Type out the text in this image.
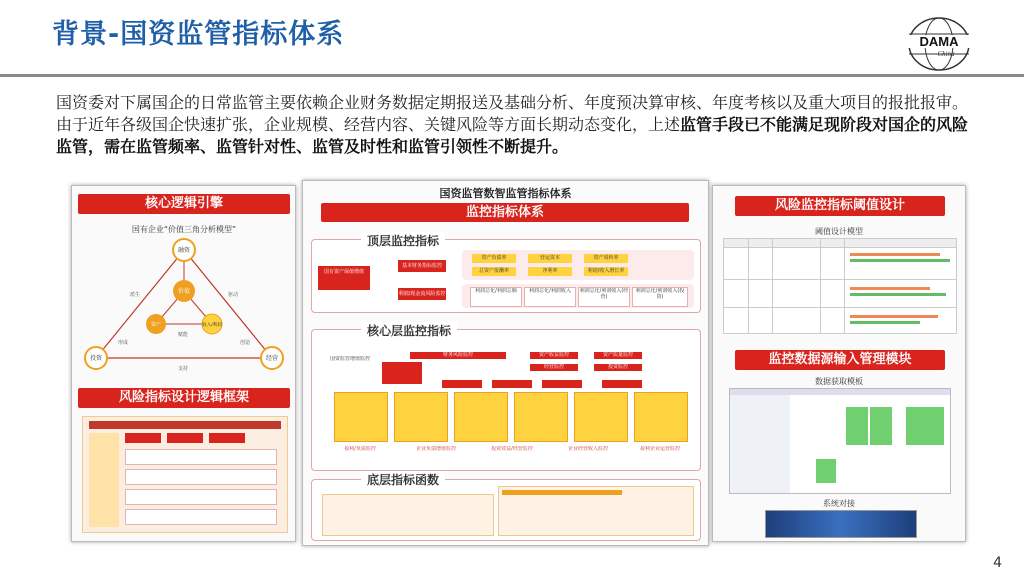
背景-国资监管指标体系	DAMA
China
国资委对下属国企的日常监管主要依赖企业财务数据定期报送及基础分析、年度预决算审核、年度考核以及重大项目的报批报审。由于近年各级国企快速扩张，企业规模、经营内容、关键风险等方面长期动态变化，上述监管手段已不能满足现阶段对国企的风险监管，需在监管频率、监管针对性、监管及时性和监管引领性不断提升。
核心逻辑引擎
国有企业“价值三角分析模型”
融资
投资	经营
价值
资产	收入/利润
派生
形成
驱动
创造
支持
赋能
风险指标设计逻辑框架
国资监管数智监管指标体系
监控指标体系
国有资产保值增值
基本财务指标监控
利润/现金流风险监控
资产负债率	营运资本	资产周转率
总资产报酬率	净利率	利润/收入增长率
利润总化/利润总额	利润总化/利润收入	利润总化/利润收入(经营)
利润总化/利润收入(投资)
顶层监控指标
国资监管增值监控
财务风险监控	资产收益监控	资产质量监控
经营监控	投资监控
盈利/负债监控	企业负债增值监控	投资效益/经营监控	企业经营收入监控	盈利企业运营监控
核心层监控指标
底层指标函数
风险监控指标阈值设计
阈值设计模型
监控数据源输入管理模块
数据获取模板
系统对接
4
